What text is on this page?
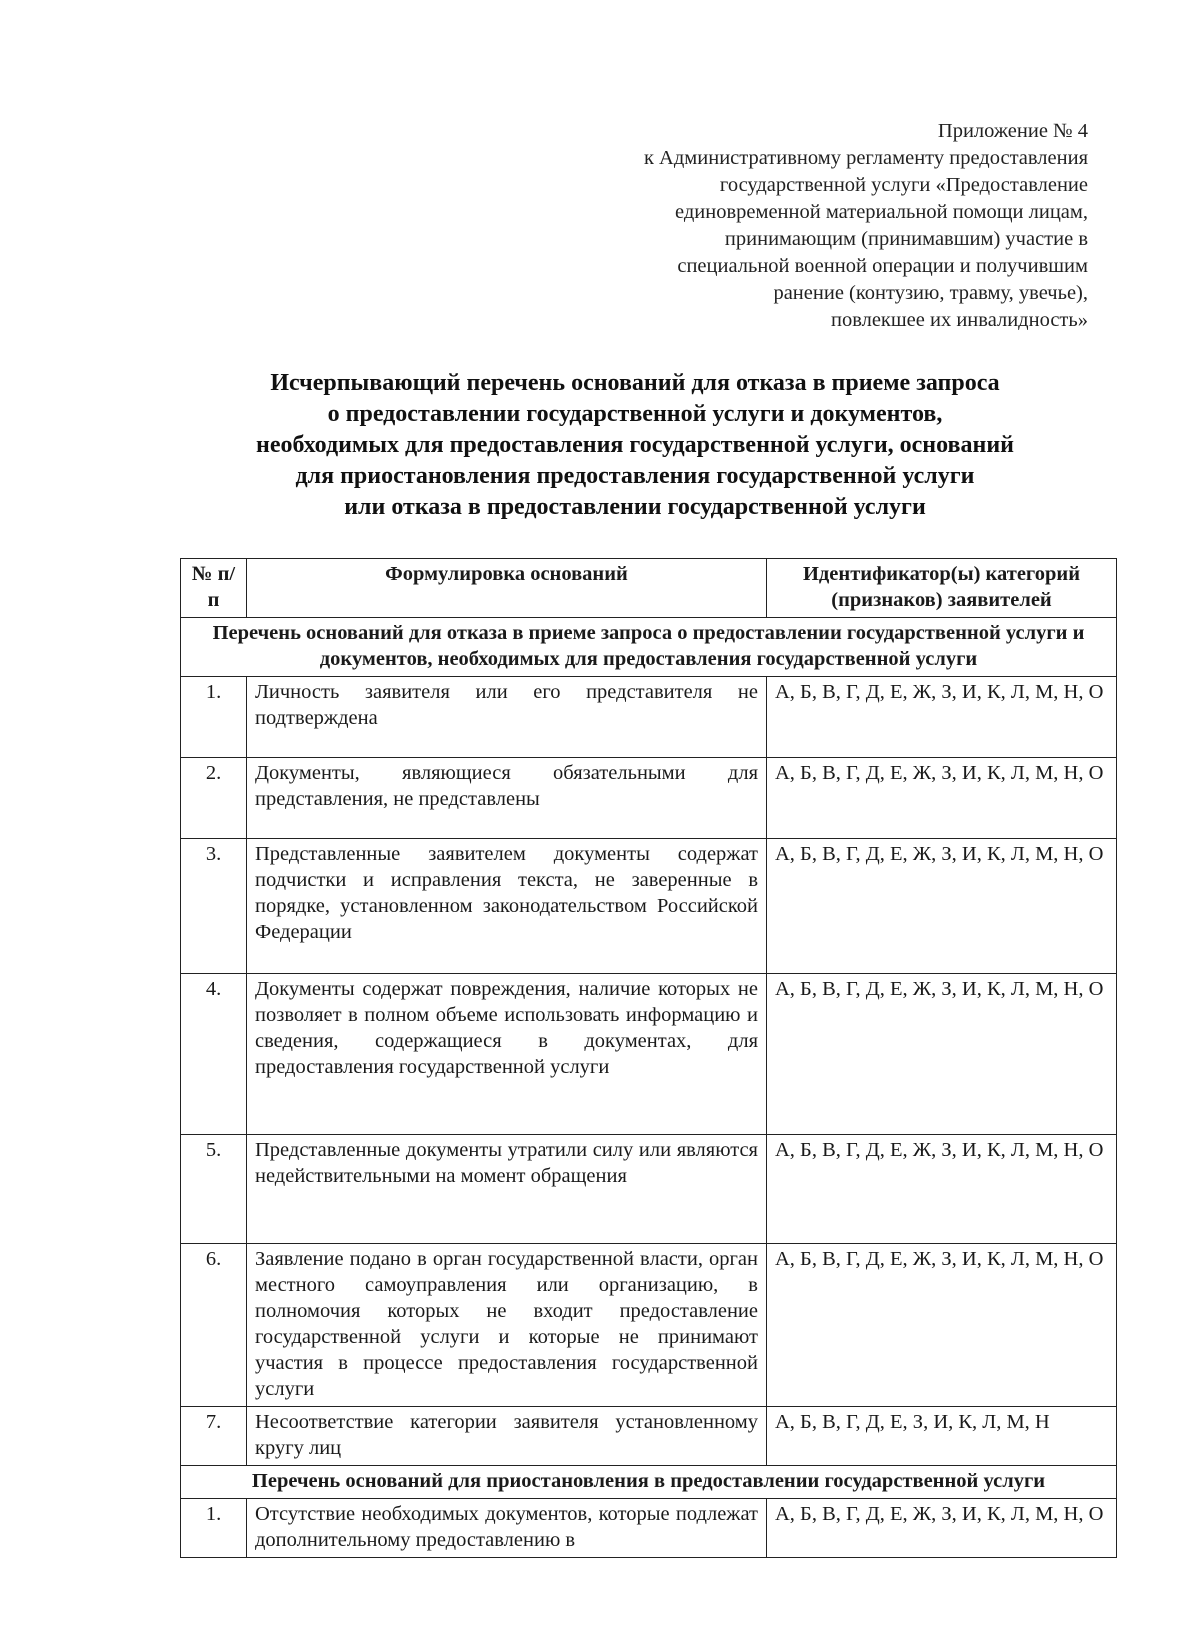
Приложение № 4
к Административному регламенту предоставления
государственной услуги «Предоставление
единовременной материальной помощи лицам,
принимающим (принимавшим) участие в
специальной военной операции и получившим
ранение (контузию, травму, увечье),
повлекшее их инвалидность»
Исчерпывающий перечень оснований для отказа в приеме запроса
о предоставлении государственной услуги и документов,
необходимых для предоставления государственной услуги, оснований
для приостановления предоставления государственной услуги
или отказа в предоставлении государственной услуги
№ п/п	Формулировка оснований	Идентификатор(ы) категорий (признаков) заявителей
Перечень оснований для отказа в приеме запроса о предоставлении государственной услуги и документов, необходимых для предоставления государственной услуги		
1.	Личность заявителя или его представителя не подтверждена	А, Б, В, Г, Д, Е, Ж, З, И, К, Л, М, Н, О
2.	Документы, являющиеся обязательными для представления, не представлены	А, Б, В, Г, Д, Е, Ж, З, И, К, Л, М, Н, О
3.	Представленные заявителем документы содержат подчистки и исправления текста, не заверенные в порядке, установленном законодательством Российской Федерации	А, Б, В, Г, Д, Е, Ж, З, И, К, Л, М, Н, О
4.	Документы содержат повреждения, наличие которых не позволяет в полном объеме использовать информацию и сведения, содержащиеся в документах, для предоставления государственной услуги	А, Б, В, Г, Д, Е, Ж, З, И, К, Л, М, Н, О
5.	Представленные документы утратили силу или являются недействительными на момент обращения	А, Б, В, Г, Д, Е, Ж, З, И, К, Л, М, Н, О
6.	Заявление подано в орган государственной власти, орган местного самоуправления или организацию, в полномочия которых не входит предоставление государственной услуги и которые не принимают участия в процессе предоставления государственной услуги	А, Б, В, Г, Д, Е, Ж, З, И, К, Л, М, Н, О
7.	Несоответствие категории заявителя установленному кругу лиц	А, Б, В, Г, Д, Е, З, И, К, Л, М, Н
Перечень оснований для приостановления в предоставлении государственной услуги		
1.	Отсутствие необходимых документов, которые подлежат дополнительному предоставлению в	А, Б, В, Г, Д, Е, Ж, З, И, К, Л, М, Н, О
